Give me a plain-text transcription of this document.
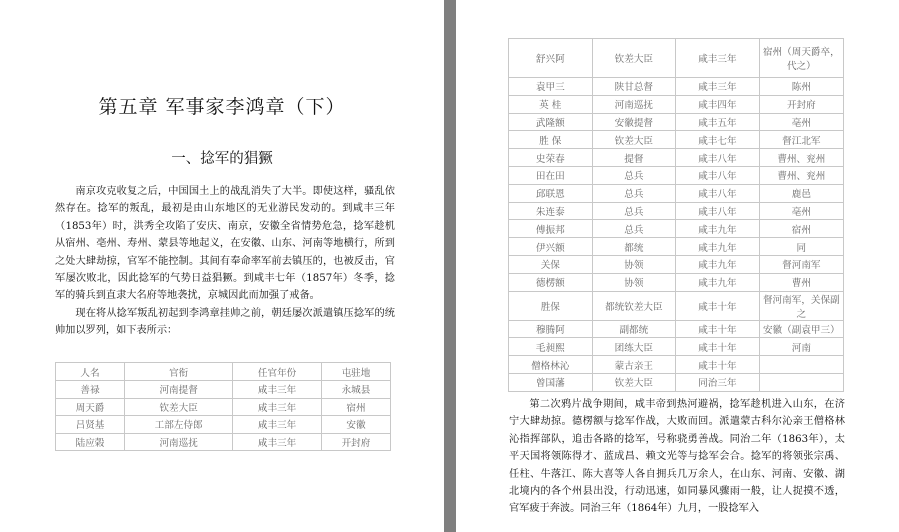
第五章 军事家李鸿章（下）
一、捻军的猖獗

南京攻克收复之后，中国国土上的战乱消失了大半。即使这样，骚乱依然存在。捻军的叛乱，最初是由山东地区的无业游民发动的。到咸丰三年（1853年）时，洪秀全攻陷了安庆、南京，安徽全省情势危急，捻军趁机从宿州、亳州、寿州、蒙县等地起义，在安徽、山东、河南等地横行，所到之处大肆劫掠，官军不能控制。其间有奉命率军前去镇压的，也被反击，官军屡次败北，因此捻军的气势日益猖獗。到咸丰七年（1857年）冬季，捻军的骑兵到直隶大名府等地袭扰，京城因此而加强了戒备。

现在将从捻军叛乱初起到李鸿章挂帅之前，朝廷屡次派遣镇压捻军的统帅加以罗列，如下表所示：

人名	官衔	任官年份	屯驻地
善禄	河南提督	咸丰三年	永城县
周天爵	钦差大臣	咸丰三年	宿州
吕贤基	工部左侍郎	咸丰三年	安徽
陆应榖	河南巡抚	咸丰三年	开封府
舒兴阿	钦差大臣	咸丰三年	宿州（周天爵卒，代之）
袁甲三	陕甘总督	咸丰三年	陈州
英 桂	河南巡抚	咸丰四年	开封府
武隆额	安徽提督	咸丰五年	亳州
胜 保	钦差大臣	咸丰七年	督江北军
史荣春	提督	咸丰八年	曹州、兖州
田在田	总兵	咸丰八年	曹州、兖州
邱联恩	总兵	咸丰八年	鹿邑
朱连泰	总兵	咸丰八年	亳州
傅振邦	总兵	咸丰九年	宿州
伊兴额	都统	咸丰九年	同
关保	协领	咸丰九年	督河南军
德楞额	协领	咸丰九年	曹州
胜保	都统钦差大臣	咸丰十年	督河南军，关保副之
穆腾阿	副都统	咸丰十年	安徽（副袁甲三）
毛昶熙	团练大臣	咸丰十年	河南
僧格林沁	蒙古亲王	咸丰十年	
曾国藩	钦差大臣	同治三年	

第二次鸦片战争期间，咸丰帝到热河避祸，捻军趁机进入山东，在济宁大肆劫掠。德楞额与捻军作战，大败而回。派遣蒙古科尔沁亲王僧格林沁指挥部队，追击各路的捻军，号称骁勇善战。同治二年（1863年），太平天国将领陈得才、蓝成昌、赖文光等与捻军会合。捻军的将领张宗禹、任柱、牛落江、陈大喜等人各自拥兵几万余人，在山东、河南、安徽、湖北境内的各个州县出没，行动迅速，如同暴风骤雨一般，让人捉摸不透，官军疲于奔波。同治三年（1864年）九月，一股捻军入
